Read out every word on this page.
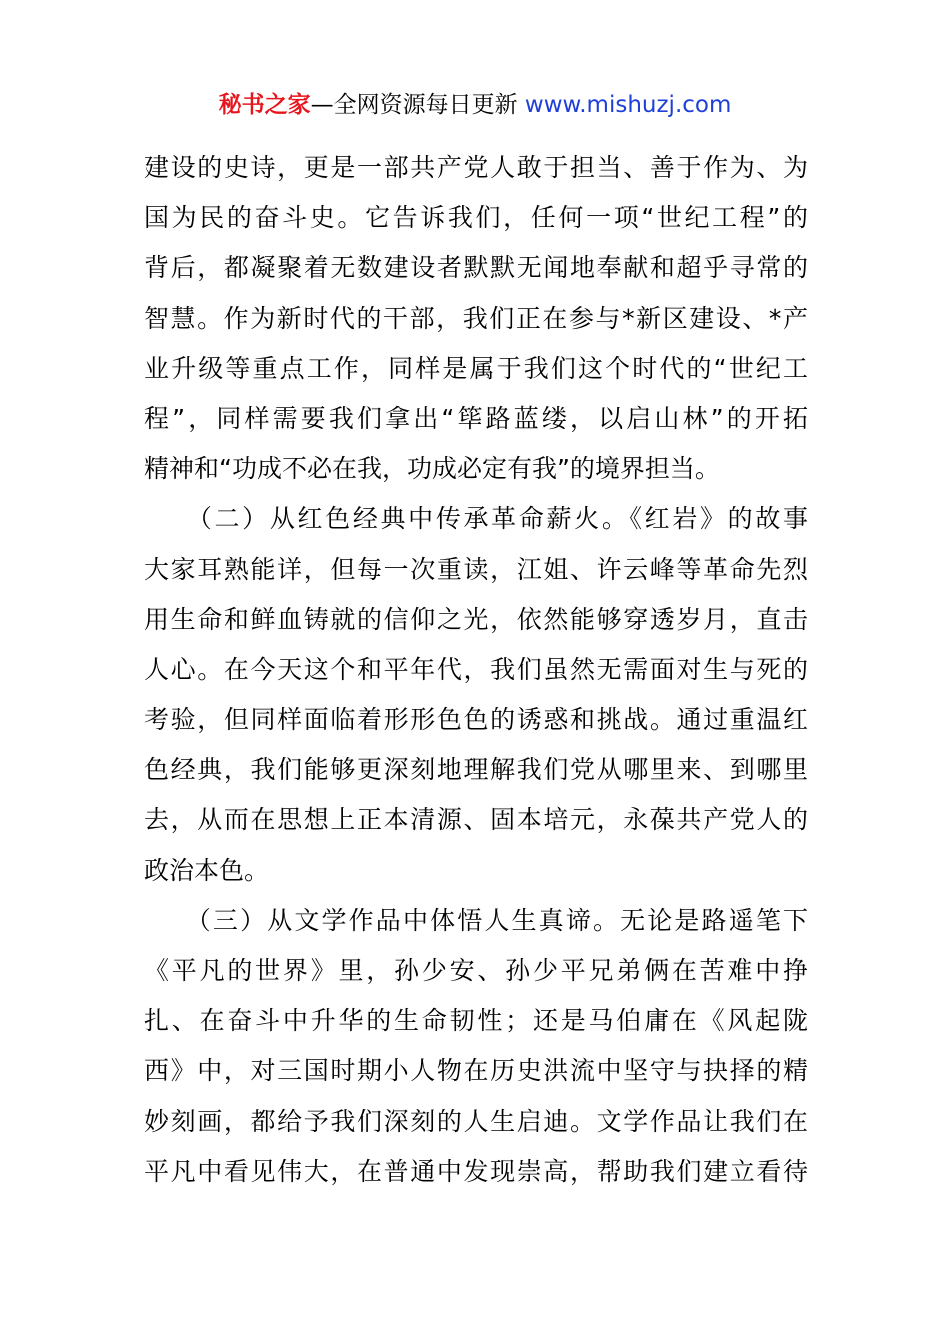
秘书之家—全网资源每日更新 www.mishuzj.com
建设的史诗，更是一部共产党人敢于担当、善于作为、为
国为民的奋斗史。它告诉我们，任何一项“世纪工程”的
背后，都凝聚着无数建设者默默无闻地奉献和超乎寻常的
智慧。作为新时代的干部，我们正在参与*新区建设、*产
业升级等重点工作，同样是属于我们这个时代的“世纪工
程”，同样需要我们拿出“筚路蓝缕，以启山林”的开拓
精神和“功成不必在我，功成必定有我”的境界担当。
　　（二）从红色经典中传承革命薪火。《红岩》的故事
大家耳熟能详，但每一次重读，江姐、许云峰等革命先烈
用生命和鲜血铸就的信仰之光，依然能够穿透岁月，直击
人心。在今天这个和平年代，我们虽然无需面对生与死的
考验，但同样面临着形形色色的诱惑和挑战。通过重温红
色经典，我们能够更深刻地理解我们党从哪里来、到哪里
去，从而在思想上正本清源、固本培元，永葆共产党人的
政治本色。
　　（三）从文学作品中体悟人生真谛。无论是路遥笔下
《平凡的世界》里，孙少安、孙少平兄弟俩在苦难中挣
扎、在奋斗中升华的生命韧性；还是马伯庸在《风起陇
西》中，对三国时期小人物在历史洪流中坚守与抉择的精
妙刻画，都给予我们深刻的人生启迪。文学作品让我们在
平凡中看见伟大，在普通中发现崇高，帮助我们建立看待
